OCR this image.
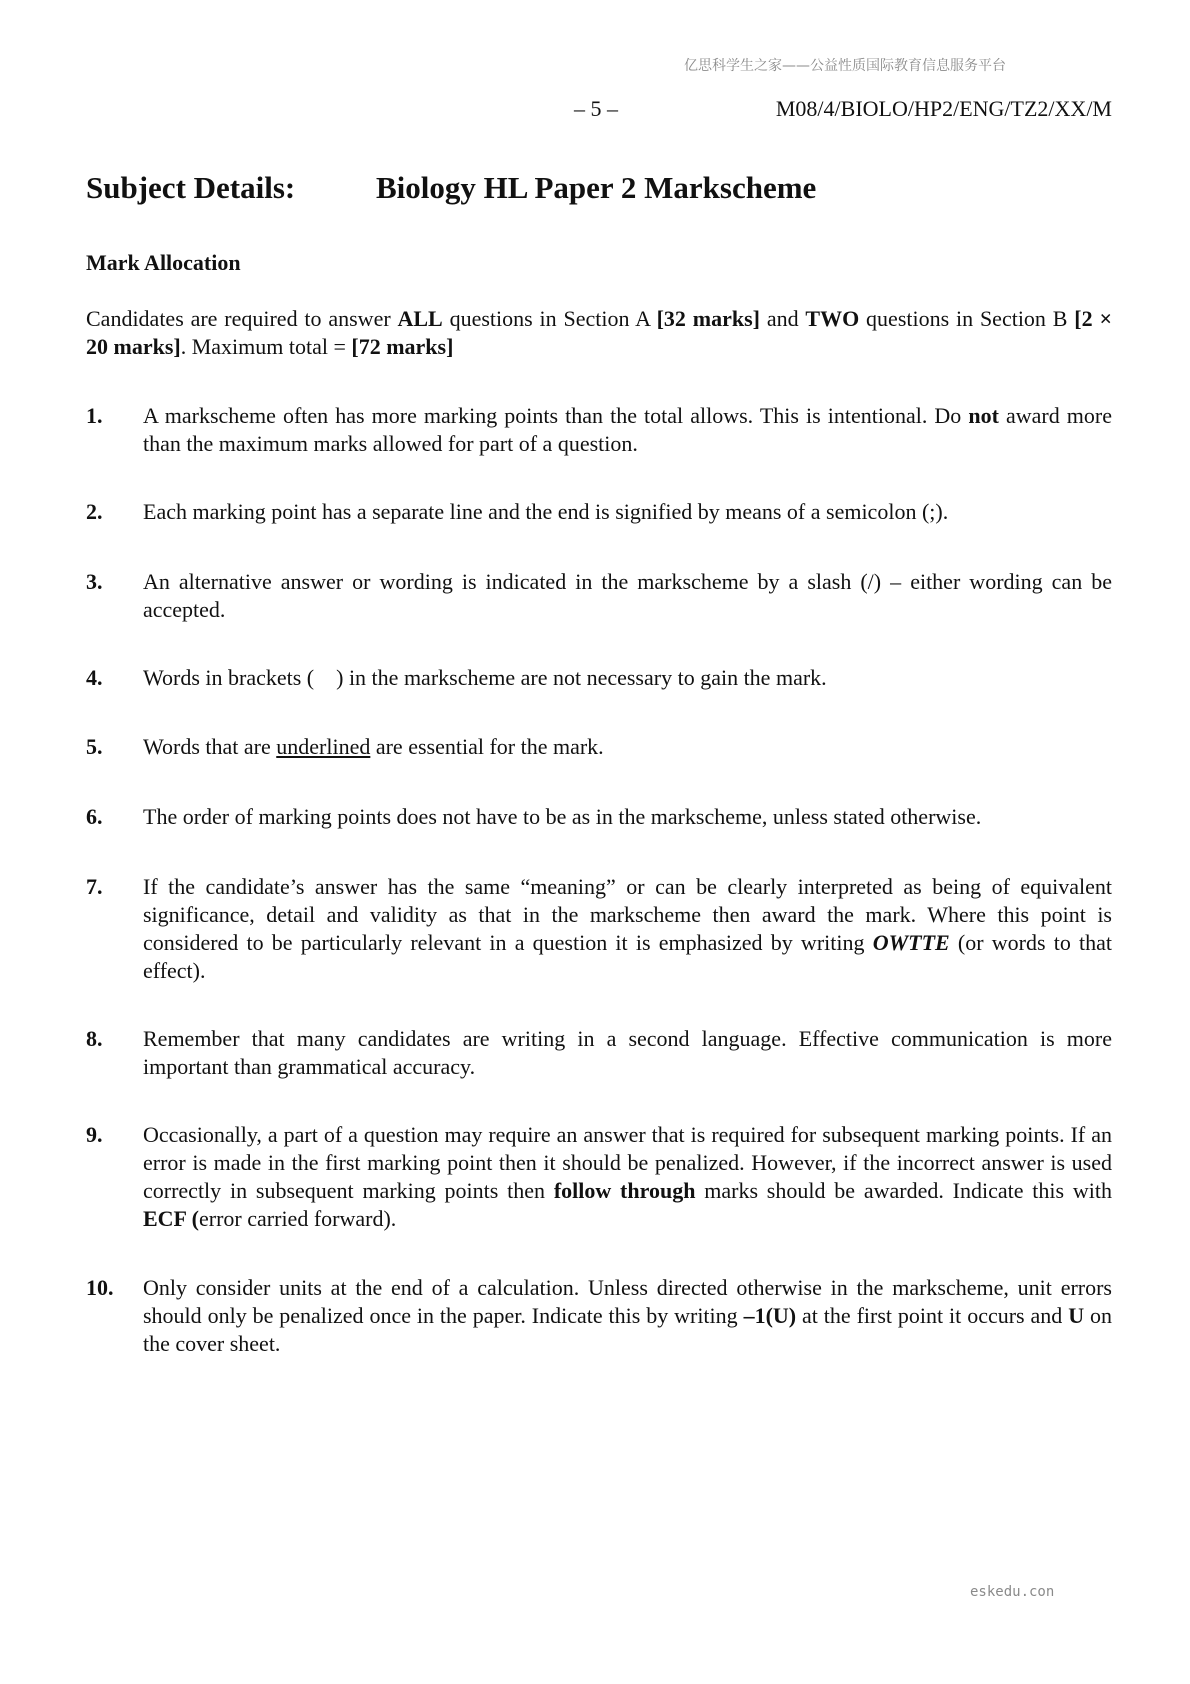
亿思科学生之家——公益性质国际教育信息服务平台
– 5 –	M08/4/BIOLO/HP2/ENG/TZ2/XX/M
Subject Details:	Biology HL Paper 2 Markscheme
Mark Allocation

Candidates are required to answer ALL questions in Section A [32 marks] and TWO questions in Section B [2 × 20 marks]. Maximum total = [72 marks]

1. A markscheme often has more marking points than the total allows. This is intentional. Do not award more than the maximum marks allowed for part of a question.
2. Each marking point has a separate line and the end is signified by means of a semicolon (;).
3. An alternative answer or wording is indicated in the markscheme by a slash (/) – either wording can be accepted.
4. Words in brackets (    ) in the markscheme are not necessary to gain the mark.
5. Words that are underlined are essential for the mark.
6. The order of marking points does not have to be as in the markscheme, unless stated otherwise.
7. If the candidate’s answer has the same “meaning” or can be clearly interpreted as being of equivalent significance, detail and validity as that in the markscheme then award the mark. Where this point is considered to be particularly relevant in a question it is emphasized by writing OWTTE (or words to that effect).
8. Remember that many candidates are writing in a second language. Effective communication is more important than grammatical accuracy.
9. Occasionally, a part of a question may require an answer that is required for subsequent marking points. If an error is made in the first marking point then it should be penalized. However, if the incorrect answer is used correctly in subsequent marking points then follow through marks should be awarded. Indicate this with ECF (error carried forward).
10. Only consider units at the end of a calculation. Unless directed otherwise in the markscheme, unit errors should only be penalized once in the paper. Indicate this by writing –1(U) at the first point it occurs and U on the cover sheet.
eskedu.con
